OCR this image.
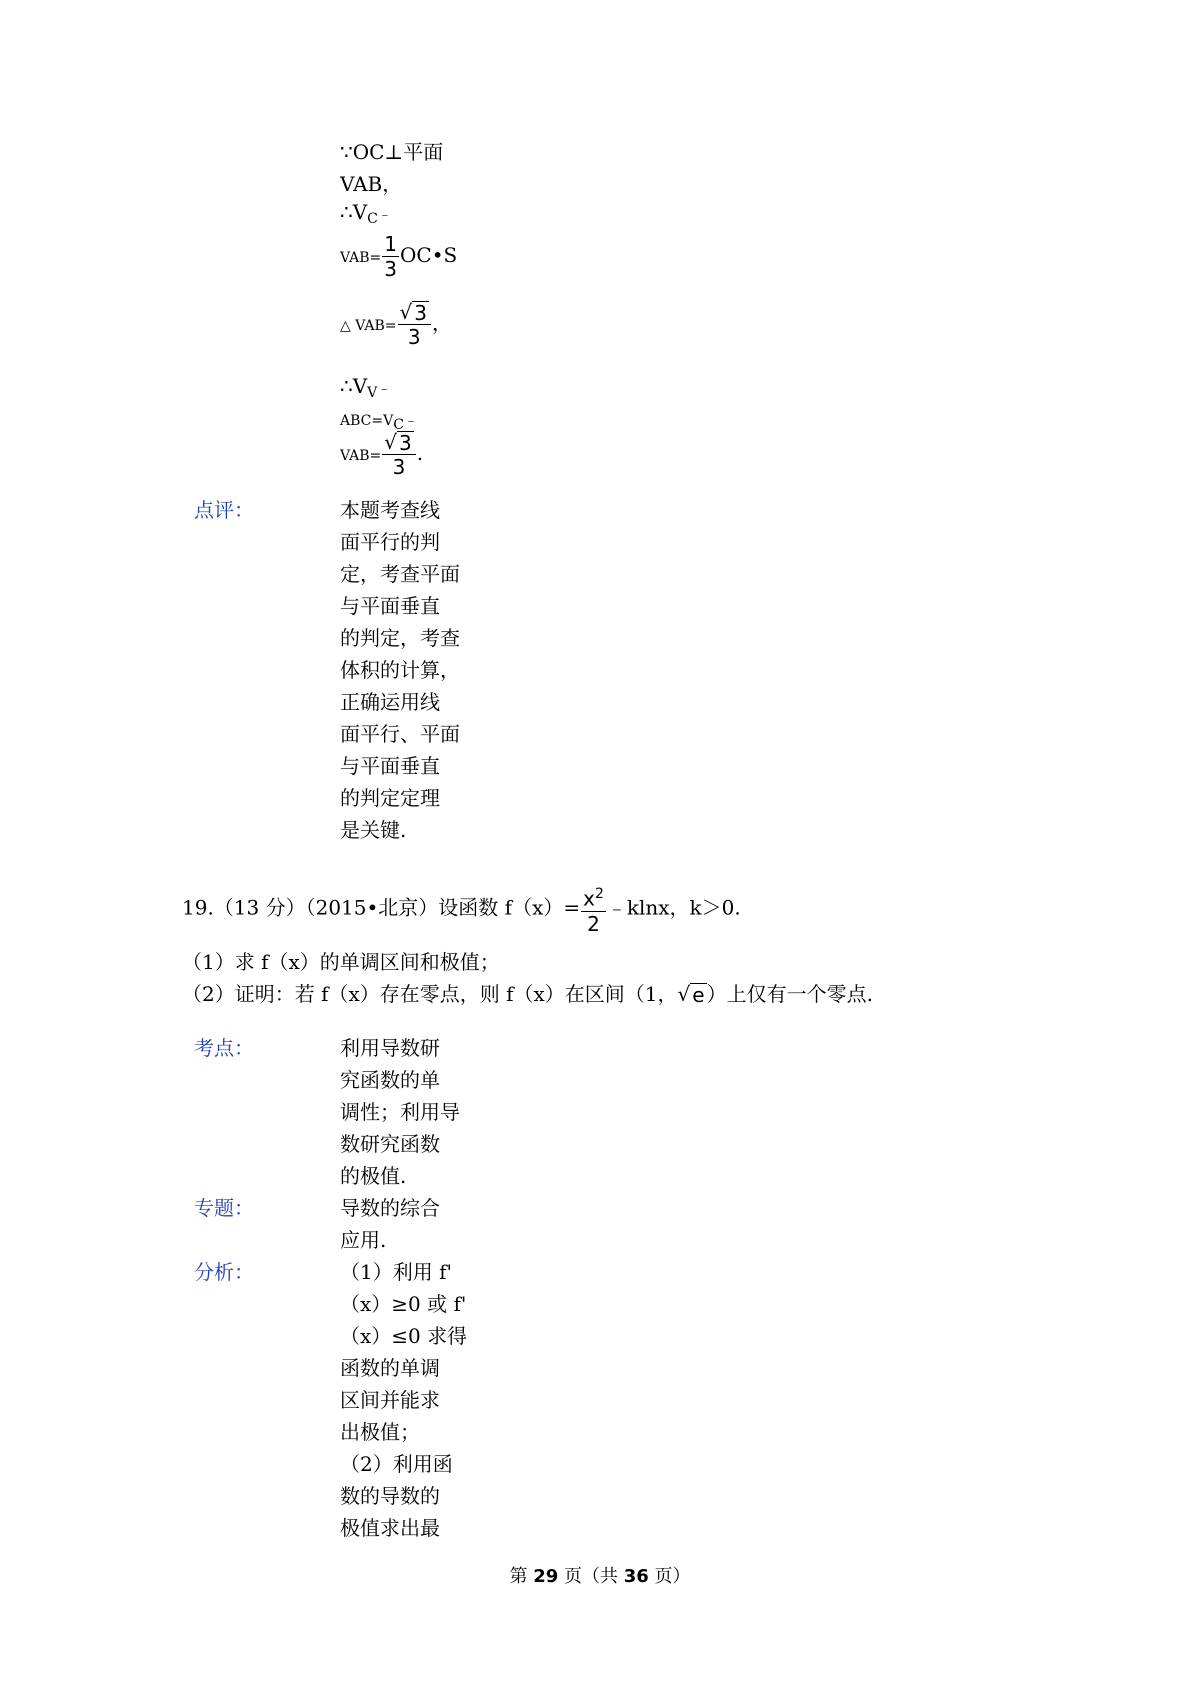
∵OC⊥平面
VAB，
$\therefore V_C﹣$
$VAB= \frac{1}{3}$ OC•S
△ $VAB= \frac{√ 3}{3}$ ，
$\therefore V_V﹣$
$ABC=V_C﹣$
$VAB= \frac{√ 3}{3}$ .
点评：	本题考查线
面平行的判
定，考查平面
与平面垂直
的判定，考查
体积的计算，
正确运用线
面平行、平面
与平面垂直
的判定定理
是关键.
19.（13 分）（2015•北京）设函数 $f(x)= \frac{x^2}{2}$ ﹣klnx，k＞0.
（1）求 f（x）的单调区间和极值；
（2）证明：若 f（x）存在零点，则 f（x）在区间（1， √ e ）上仅有一个零点.
考点：	利用导数研
究函数的单
调性；利用导
数研究函数
的极值.
专题：	导数的综合
应用.
分析：	（1）利用 f'
（x）≥0 或 f'
（x）≤0 求得
函数的单调
区间并能求
出极值；
（2）利用函
数的导数的
极值求出最
第 29 页（共 36 页）
